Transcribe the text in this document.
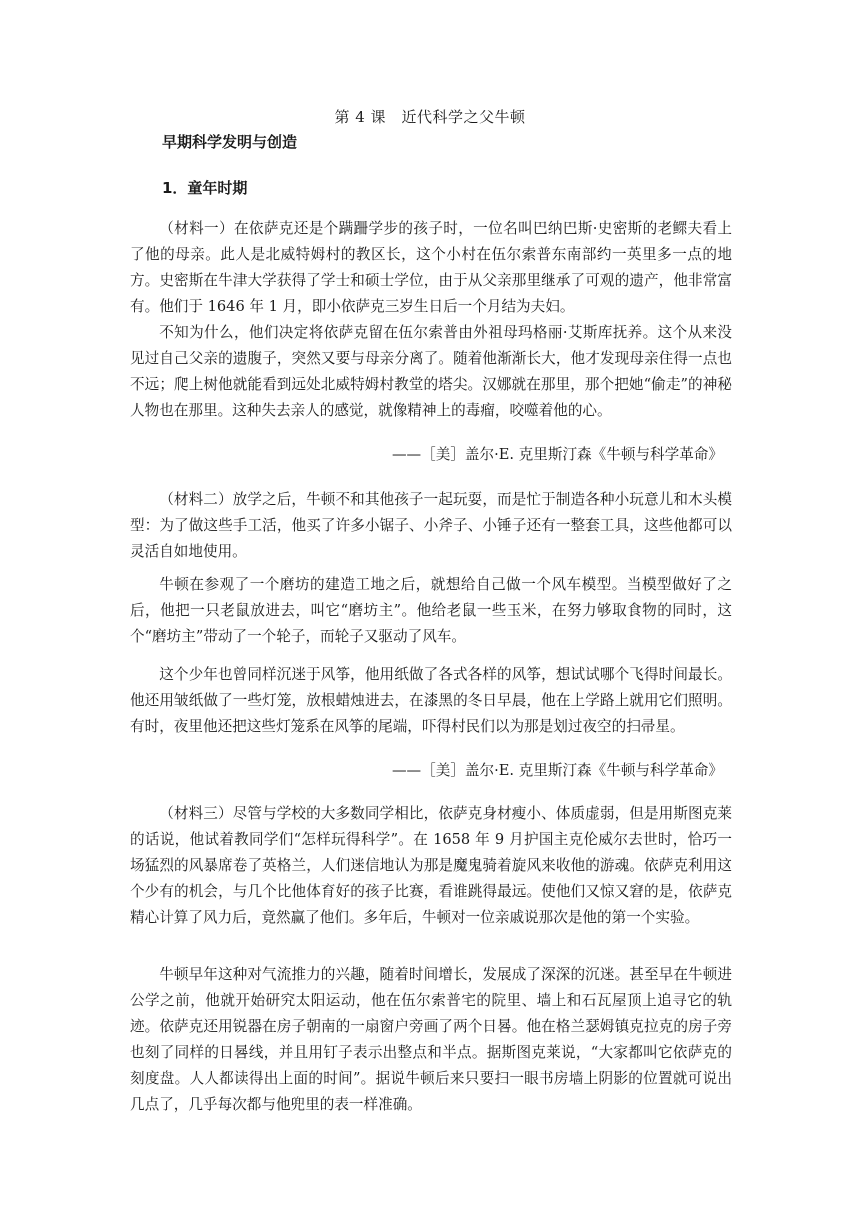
第 4 课　近代科学之父牛顿
早期科学发明与创造
1．童年时期

（材料一）在依萨克还是个蹒跚学步的孩子时，一位名叫巴纳巴斯·史密斯的老鳏夫看上了他的母亲。此人是北威特姆村的教区长，这个小村在伍尔索普东南部约一英里多一点的地方。史密斯在牛津大学获得了学士和硕士学位，由于从父亲那里继承了可观的遗产，他非常富有。他们于 1646 年 1 月，即小依萨克三岁生日后一个月结为夫妇。

不知为什么，他们决定将依萨克留在伍尔索普由外祖母玛格丽·艾斯库抚养。这个从来没见过自己父亲的遗腹子，突然又要与母亲分离了。随着他渐渐长大，他才发现母亲住得一点也不远；爬上树他就能看到远处北威特姆村教堂的塔尖。汉娜就在那里，那个把她“偷走”的神秘人物也在那里。这种失去亲人的感觉，就像精神上的毒瘤，咬噬着他的心。

——［美］盖尔·E. 克里斯汀森《牛顿与科学革命》

（材料二）放学之后，牛顿不和其他孩子一起玩耍，而是忙于制造各种小玩意儿和木头模型：为了做这些手工活，他买了许多小锯子、小斧子、小锤子还有一整套工具，这些他都可以灵活自如地使用。

牛顿在参观了一个磨坊的建造工地之后，就想给自己做一个风车模型。当模型做好了之后，他把一只老鼠放进去，叫它“磨坊主”。他给老鼠一些玉米，在努力够取食物的同时，这个“磨坊主”带动了一个轮子，而轮子又驱动了风车。

这个少年也曾同样沉迷于风筝，他用纸做了各式各样的风筝，想试试哪个飞得时间最长。他还用皱纸做了一些灯笼，放根蜡烛进去，在漆黑的冬日早晨，他在上学路上就用它们照明。有时，夜里他还把这些灯笼系在风筝的尾端，吓得村民们以为那是划过夜空的扫帚星。

——［美］盖尔·E. 克里斯汀森《牛顿与科学革命》

（材料三）尽管与学校的大多数同学相比，依萨克身材瘦小、体质虚弱，但是用斯图克莱的话说，他试着教同学们“怎样玩得科学”。在 1658 年 9 月护国主克伦威尔去世时，恰巧一场猛烈的风暴席卷了英格兰，人们迷信地认为那是魔鬼骑着旋风来收他的游魂。依萨克利用这个少有的机会，与几个比他体育好的孩子比赛，看谁跳得最远。使他们又惊又窘的是，依萨克精心计算了风力后，竟然赢了他们。多年后，牛顿对一位亲戚说那次是他的第一个实验。

牛顿早年这种对气流推力的兴趣，随着时间增长，发展成了深深的沉迷。甚至早在牛顿进公学之前，他就开始研究太阳运动，他在伍尔索普宅的院里、墙上和石瓦屋顶上追寻它的轨迹。依萨克还用锐器在房子朝南的一扇窗户旁画了两个日晷。他在格兰瑟姆镇克拉克的房子旁也刻了同样的日晷线，并且用钉子表示出整点和半点。据斯图克莱说，“大家都叫它依萨克的刻度盘。人人都读得出上面的时间”。据说牛顿后来只要扫一眼书房墙上阴影的位置就可说出几点了，几乎每次都与他兜里的表一样准确。
